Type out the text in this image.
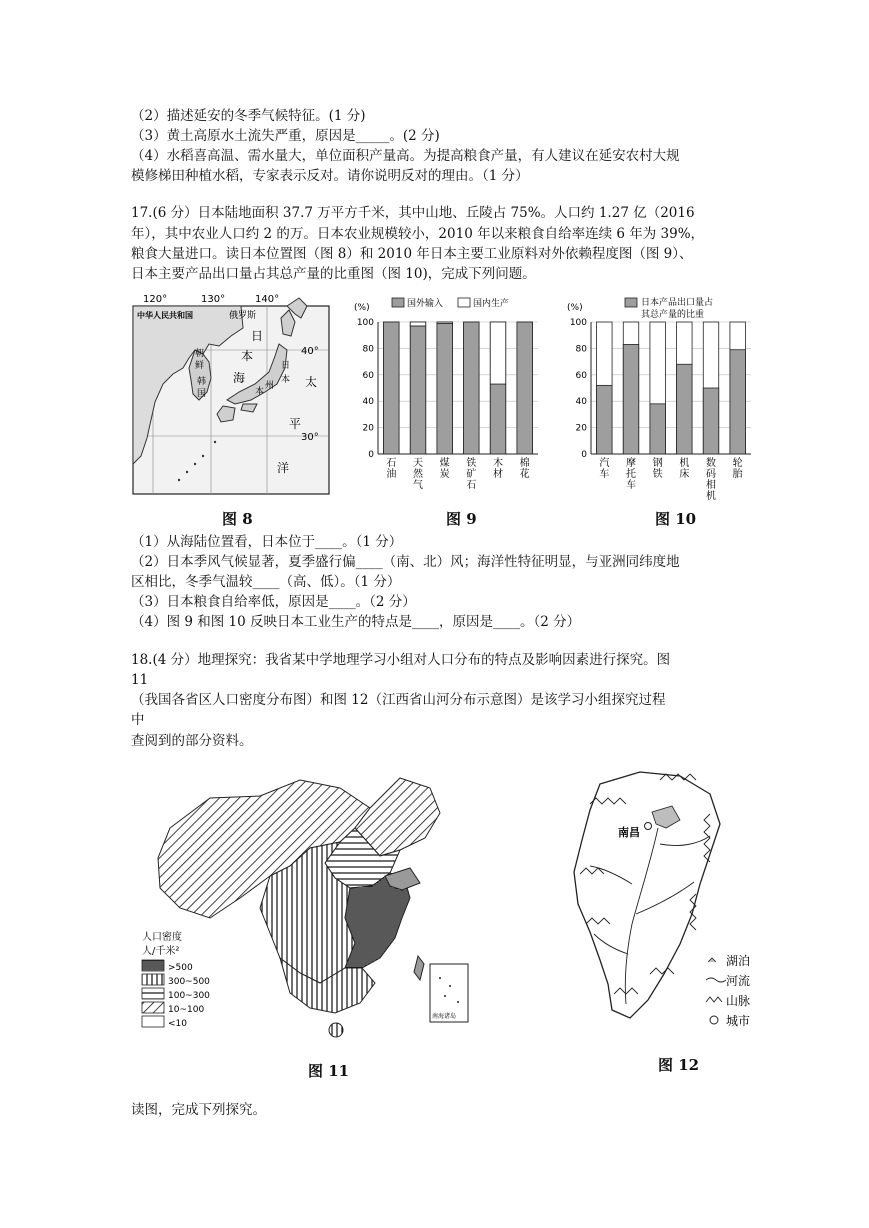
（2）描述延安的冬季气候特征。(1 分)
（3）黄土高原水土流失严重，原因是_____。(2 分)
（4）水稻喜高温、需水量大，单位面积产量高。为提高粮食产量，有人建议在延安农村大规
模修梯田种植水稻，专家表示反对。请你说明反对的理由。（1 分）
17.(6 分）日本陆地面积 37.7 万平方千米，其中山地、丘陵占 75%。人口约 1.27 亿（2016
年），其中农业人口约 2 的万。日本农业规模较小，2010 年以来粮食自给率连续 6 年为 39%，
粮食大量进口。读日本位置图（图 8）和 2010 年日本主要工业原料对外依赖程度图（图 9）、
日本主要产品出口量占其总产量的比重图（图 10)，完成下列问题。
120°	130°	140°
中华人民共和国	俄罗斯
朝
鲜
韩
国
日
本
海
本
州
日
本 太
平
洋
40°
30°
图 8
(%)
0
20
40
60
80
100
石
油
天
然
气
煤
炭
铁
矿
石
木
材
棉
花
国外输入	国内生产
图 9
(%)
0
20
40
60
80
100
汽
车
摩
托
车
钢
铁
机
床
数
码
相
机
轮
胎
日本产品出口量占
其总产量的比重
图 10
（1）从海陆位置看，日本位于____。（1 分）
（2）日本季风气候显著，夏季盛行偏____（南、北）风；海洋性特征明显，与亚洲同纬度地
区相比，冬季气温较____（高、低）。（1 分）
（3）日本粮食自给率低，原因是____。（2 分）
（4）图 9 和图 10 反映日本工业生产的特点是____，原因是____。（2 分）
18.(4 分）地理探究：我省某中学地理学习小组对人口分布的特点及影响因素进行探究。图
11
（我国各省区人口密度分布图）和图 12（江西省山河分布示意图）是该学习小组探究过程
中
查阅到的部分资料。
南海诸岛
人口密度
人/千米²
>500
300~500
100~300
10~100
<10
图 11
南昌
湖泊
河流
山脉
城市
图 12
读图，完成下列探究。
